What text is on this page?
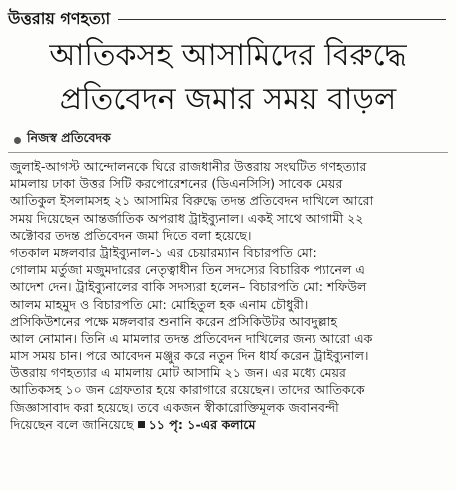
উত্তরায় গণহত্যা
আতিকসহ আসামিদের বিরুদ্ধে
প্রতিবেদন জমার সময় বাড়ল
নিজস্ব প্রতিবেদক
জুলাই-আগস্ট আন্দোলনকে ঘিরে রাজধানীর উত্তরায় সংঘটিত গণহত্যার
মামলায় ঢাকা উত্তর সিটি করপোরেশনের (ডিএনসিসি) সাবেক মেয়র
আতিকুল ইসলামসহ ২১ আসামির বিরুদ্ধে তদন্ত প্রতিবেদন দাখিলে আরো
সময় দিয়েছেন আন্তর্জাতিক অপরাধ ট্রাইব্যুনাল। একই সাথে আগামী ২২
অক্টোবর তদন্ত প্রতিবেদন জমা দিতে বলা হয়েছে।
গতকাল মঙ্গলবার ট্রাইব্যুনাল-১ এর চেয়ারম্যান বিচারপতি মো:
গোলাম মর্তুজা মজুমদারের নেতৃত্বাধীন তিন সদস্যের বিচারিক প্যানেল এ
আদেশ দেন। ট্রাইব্যুনালের বাকি সদস্যরা হলেন– বিচারপতি মো: শফিউল
আলম মাহমুদ ও বিচারপতি মো: মোহিতুল হক এনাম চৌধুরী।
প্রসিকিউশনের পক্ষে মঙ্গলবার শুনানি করেন প্রসিকিউটর আবদুল্লাহ
আল নোমান। তিনি এ মামলার তদন্ত প্রতিবেদন দাখিলের জন্য আরো এক
মাস সময় চান। পরে আবেদন মঞ্জুর করে নতুন দিন ধার্য করেন ট্রাইব্যুনাল।
উত্তরায় গণহত্যার এ মামলায় মোট আসামি ২১ জন। এর মধ্যে মেয়র
আতিকসহ ১০ জন গ্রেফতার হয়ে কারাগারে রয়েছেন। তাদের আতিককে
জিজ্ঞাসাবাদ করা হয়েছে। তবে একজন স্বীকারোক্তিমূলক জবানবন্দী
দিয়েছেন বলে জানিয়েছে ১১ পৃ: ১-এর কলামে
